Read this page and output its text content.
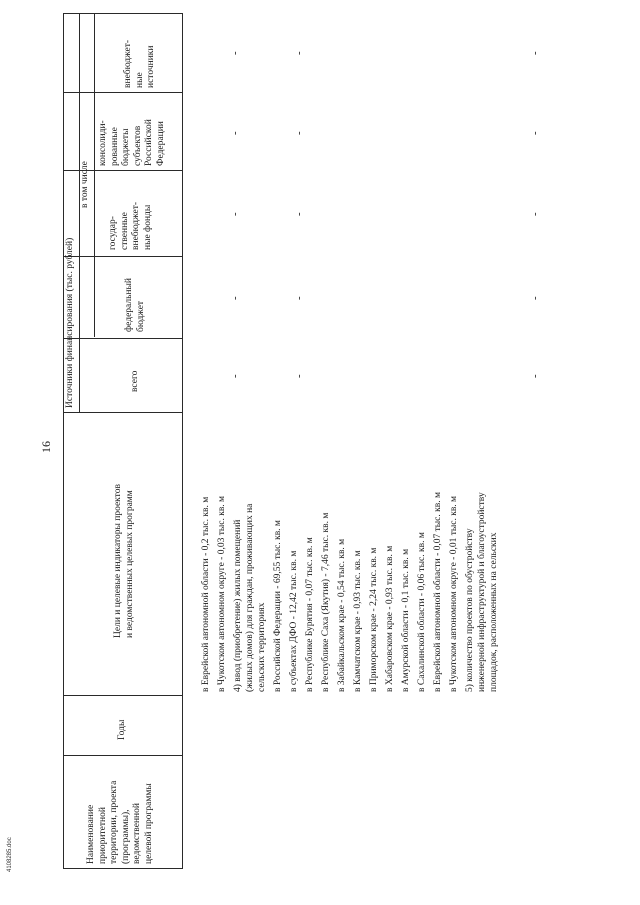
16
Источники финансирования (тыс. рублей)
в том числе
внебюджет- ные источники
консолиди- рованные бюджеты субъектов Российской Федерации
государ- ственные внебюджет- ные фонды
федеральный бюджет
всего
Цели и целевые индикаторы проектов и ведомственных целевых программ
Годы
Наименование приоритетной территории, проекта (программы), ведомственной целевой программы
в Еврейской автономной области - 0,2 тыс. кв. м в Чукотском автономном округе - 0,03 тыс. кв. м 4) ввод (приобретение) жилых помещений (жилых домов) для граждан, проживающих на сельских территориях в Российской Федерации - 69,55 тыс. кв. м в субъектах ДФО - 12,42 тыс. кв. м в Республике Бурятия - 0,07 тыс. кв. м в Республике Саха (Якутия) - 7,46 тыс. кв. м в Забайкальском крае - 0,54 тыс. кв. м в Камчатском крае - 0,93 тыс. кв. м в Приморском крае - 2,24 тыс. кв. м в Хабаровском крае - 0,93 тыс. кв. м в Амурской области - 0,1 тыс. кв. м в Сахалинской области - 0,06 тыс. кв. м в Еврейской автономной области - 0,07 тыс. кв. м в Чукотском автономном округе - 0,01 тыс. кв. м 5) количество проектов по обустройству инженерной инфраструктурой и благоустройству площадок, расположенных на сельских
-
-
-
-
-
-
-
-
-
-
-
-
-
-
-
4108285.doc
